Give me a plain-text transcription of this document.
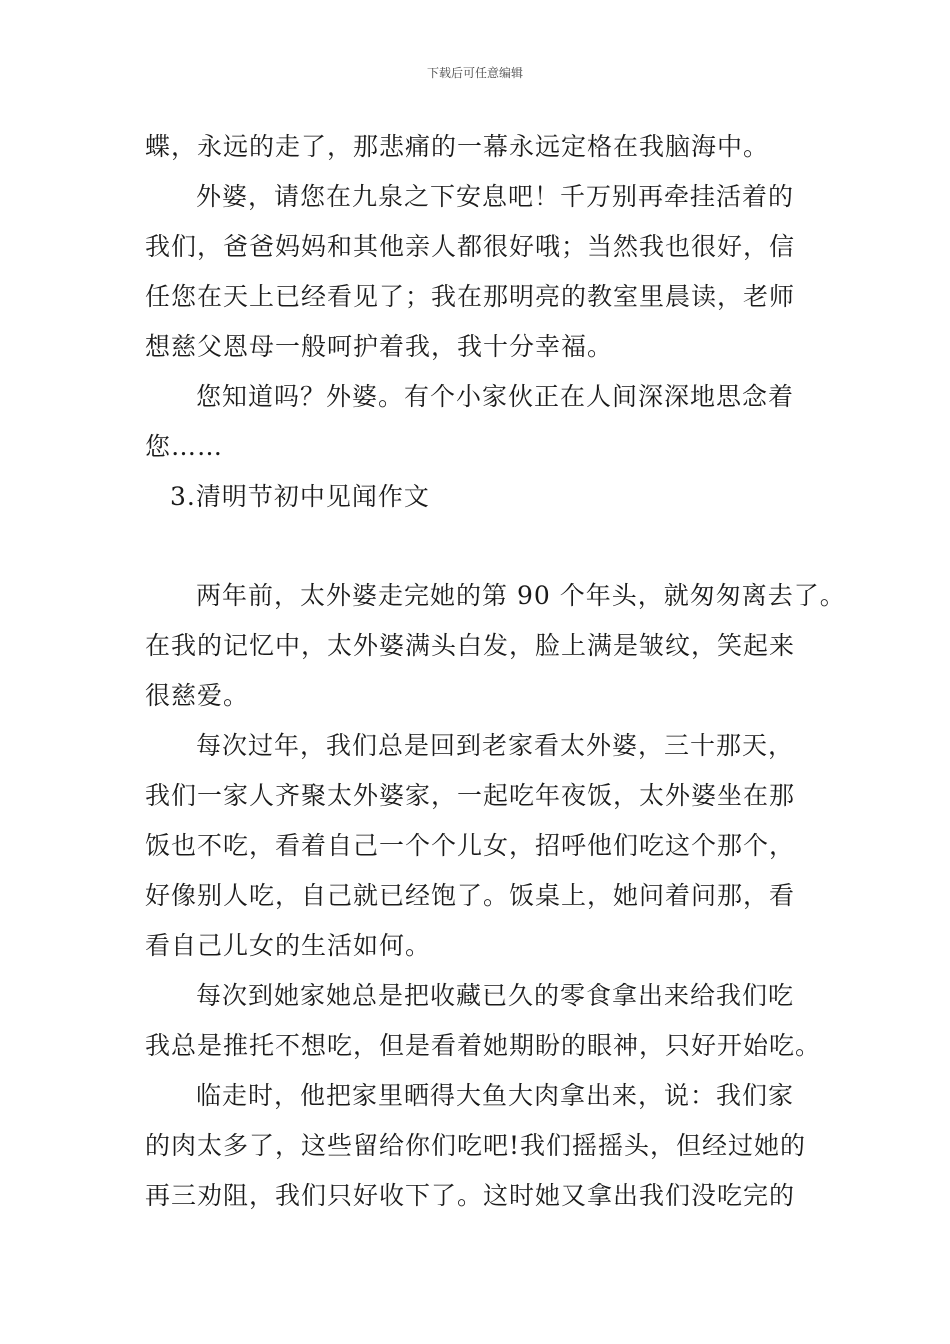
下载后可任意编辑
蝶，永远的走了，那悲痛的一幕永远定格在我脑海中。
外婆，请您在九泉之下安息吧！千万别再牵挂活着的
我们，爸爸妈妈和其他亲人都很好哦；当然我也很好，信
任您在天上已经看见了；我在那明亮的教室里晨读，老师
想慈父恩母一般呵护着我，我十分幸福。
您知道吗？外婆。有个小家伙正在人间深深地思念着
您……
3.清明节初中见闻作文
两年前，太外婆走完她的第 90 个年头，就匆匆离去了。
在我的记忆中，太外婆满头白发，脸上满是皱纹，笑起来
很慈爱。
每次过年，我们总是回到老家看太外婆，三十那天，
我们一家人齐聚太外婆家，一起吃年夜饭，太外婆坐在那
饭也不吃，看着自己一个个儿女，招呼他们吃这个那个，
好像别人吃，自己就已经饱了。饭桌上，她问着问那，看
看自己儿女的生活如何。
每次到她家她总是把收藏已久的零食拿出来给我们吃
我总是推托不想吃，但是看着她期盼的眼神，只好开始吃。
临走时，他把家里晒得大鱼大肉拿出来，说：我们家
的肉太多了，这些留给你们吃吧!我们摇摇头，但经过她的
再三劝阻，我们只好收下了。这时她又拿出我们没吃完的
